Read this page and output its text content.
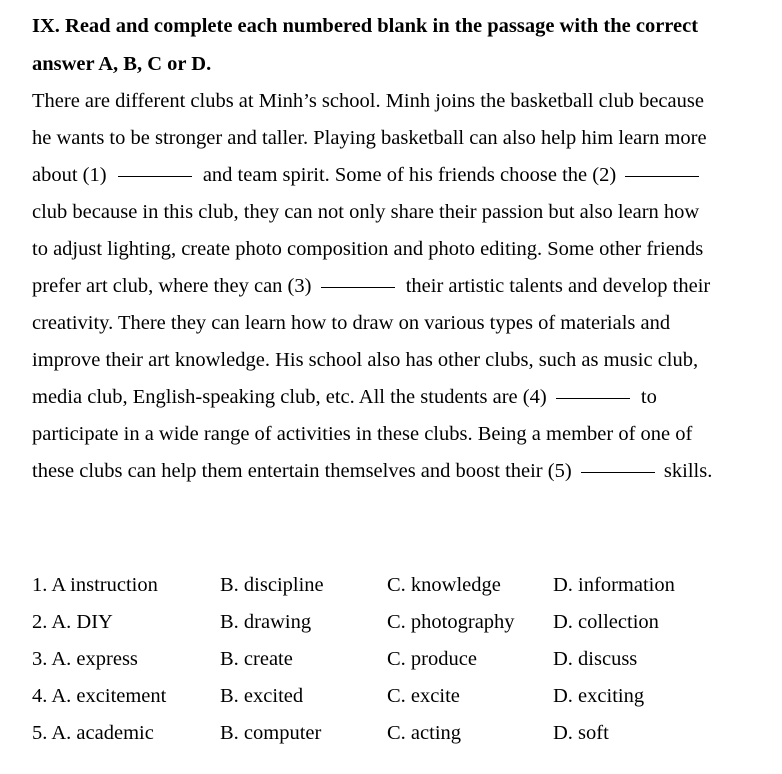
IX. Read and complete each numbered blank in the passage with the correct
answer A, B, C or D.
There are different clubs at Minh’s school. Minh joins the basketball club because
he wants to be stronger and taller. Playing basketball can also help him learn more
about (1)	and team spirit. Some of his friends choose the (2)
club because in this club, they can not only share their passion but also learn how
to adjust lighting, create photo composition and photo editing. Some other friends
prefer art club, where they can (3)	their artistic talents and develop their
creativity. There they can learn how to draw on various types of materials and
improve their art knowledge. His school also has other clubs, such as music club,
media club, English-speaking club, etc. All the students are (4)	to
participate in a wide range of activities in these clubs. Being a member of one of
these clubs can help them entertain themselves and boost their (5)	skills.
1. A instruction	B. discipline	C. knowledge	D. information
2. A. DIY	B. drawing	C. photography D. collection
3. A. express	B. create	C. produce	D. discuss
4. A. excitement	B. excited	C. excite	D. exciting
5. A. academic	B. computer	C. acting	D. soft
